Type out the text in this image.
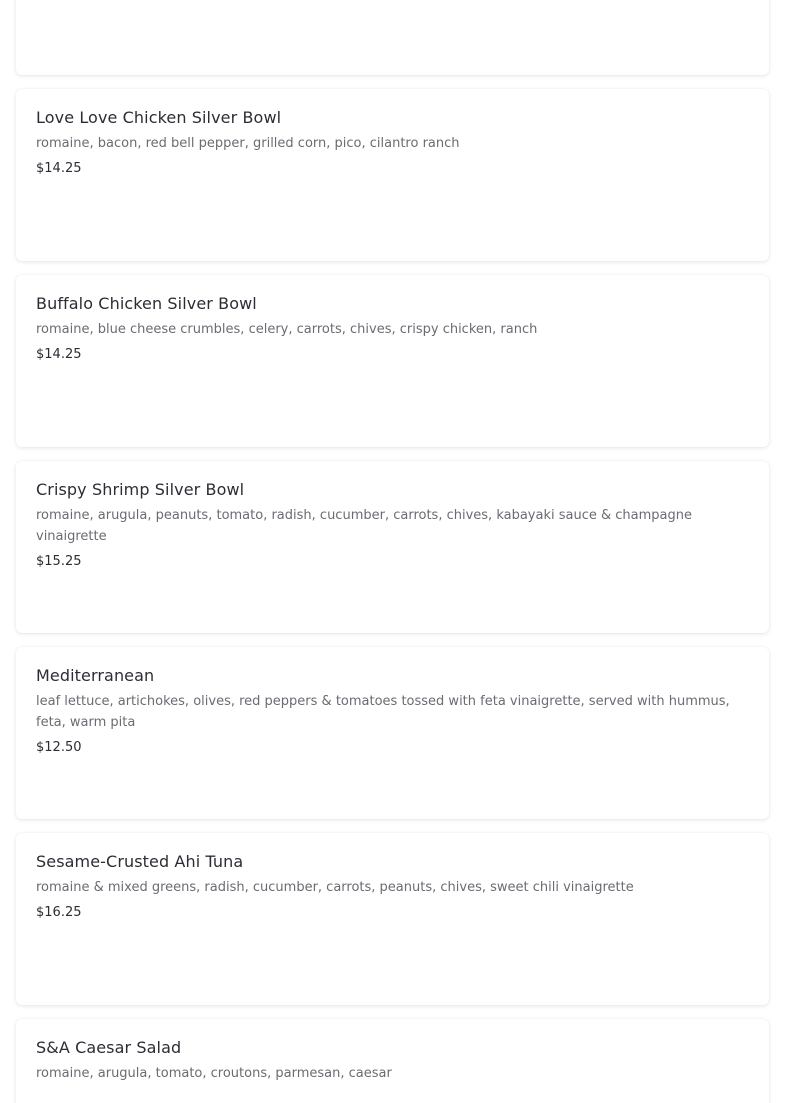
Love Love Chicken Silver Bowl
romaine, bacon, red bell pepper, grilled corn, pico, cilantro ranch
$14.25
Buffalo Chicken Silver Bowl
romaine, blue cheese crumbles, celery, carrots, chives, crispy chicken, ranch
$14.25
Crispy Shrimp Silver Bowl
romaine, arugula, peanuts, tomato, radish, cucumber, carrots, chives, kabayaki sauce & champagne vinaigrette
$15.25
Mediterranean
leaf lettuce, artichokes, olives, red peppers & tomatoes tossed with feta vinaigrette, served with hummus, feta, warm pita
$12.50
Sesame-Crusted Ahi Tuna
romaine & mixed greens, radish, cucumber, carrots, peanuts, chives, sweet chili vinaigrette
$16.25
S&A Caesar Salad
romaine, arugula, tomato, croutons, parmesan, caesar
